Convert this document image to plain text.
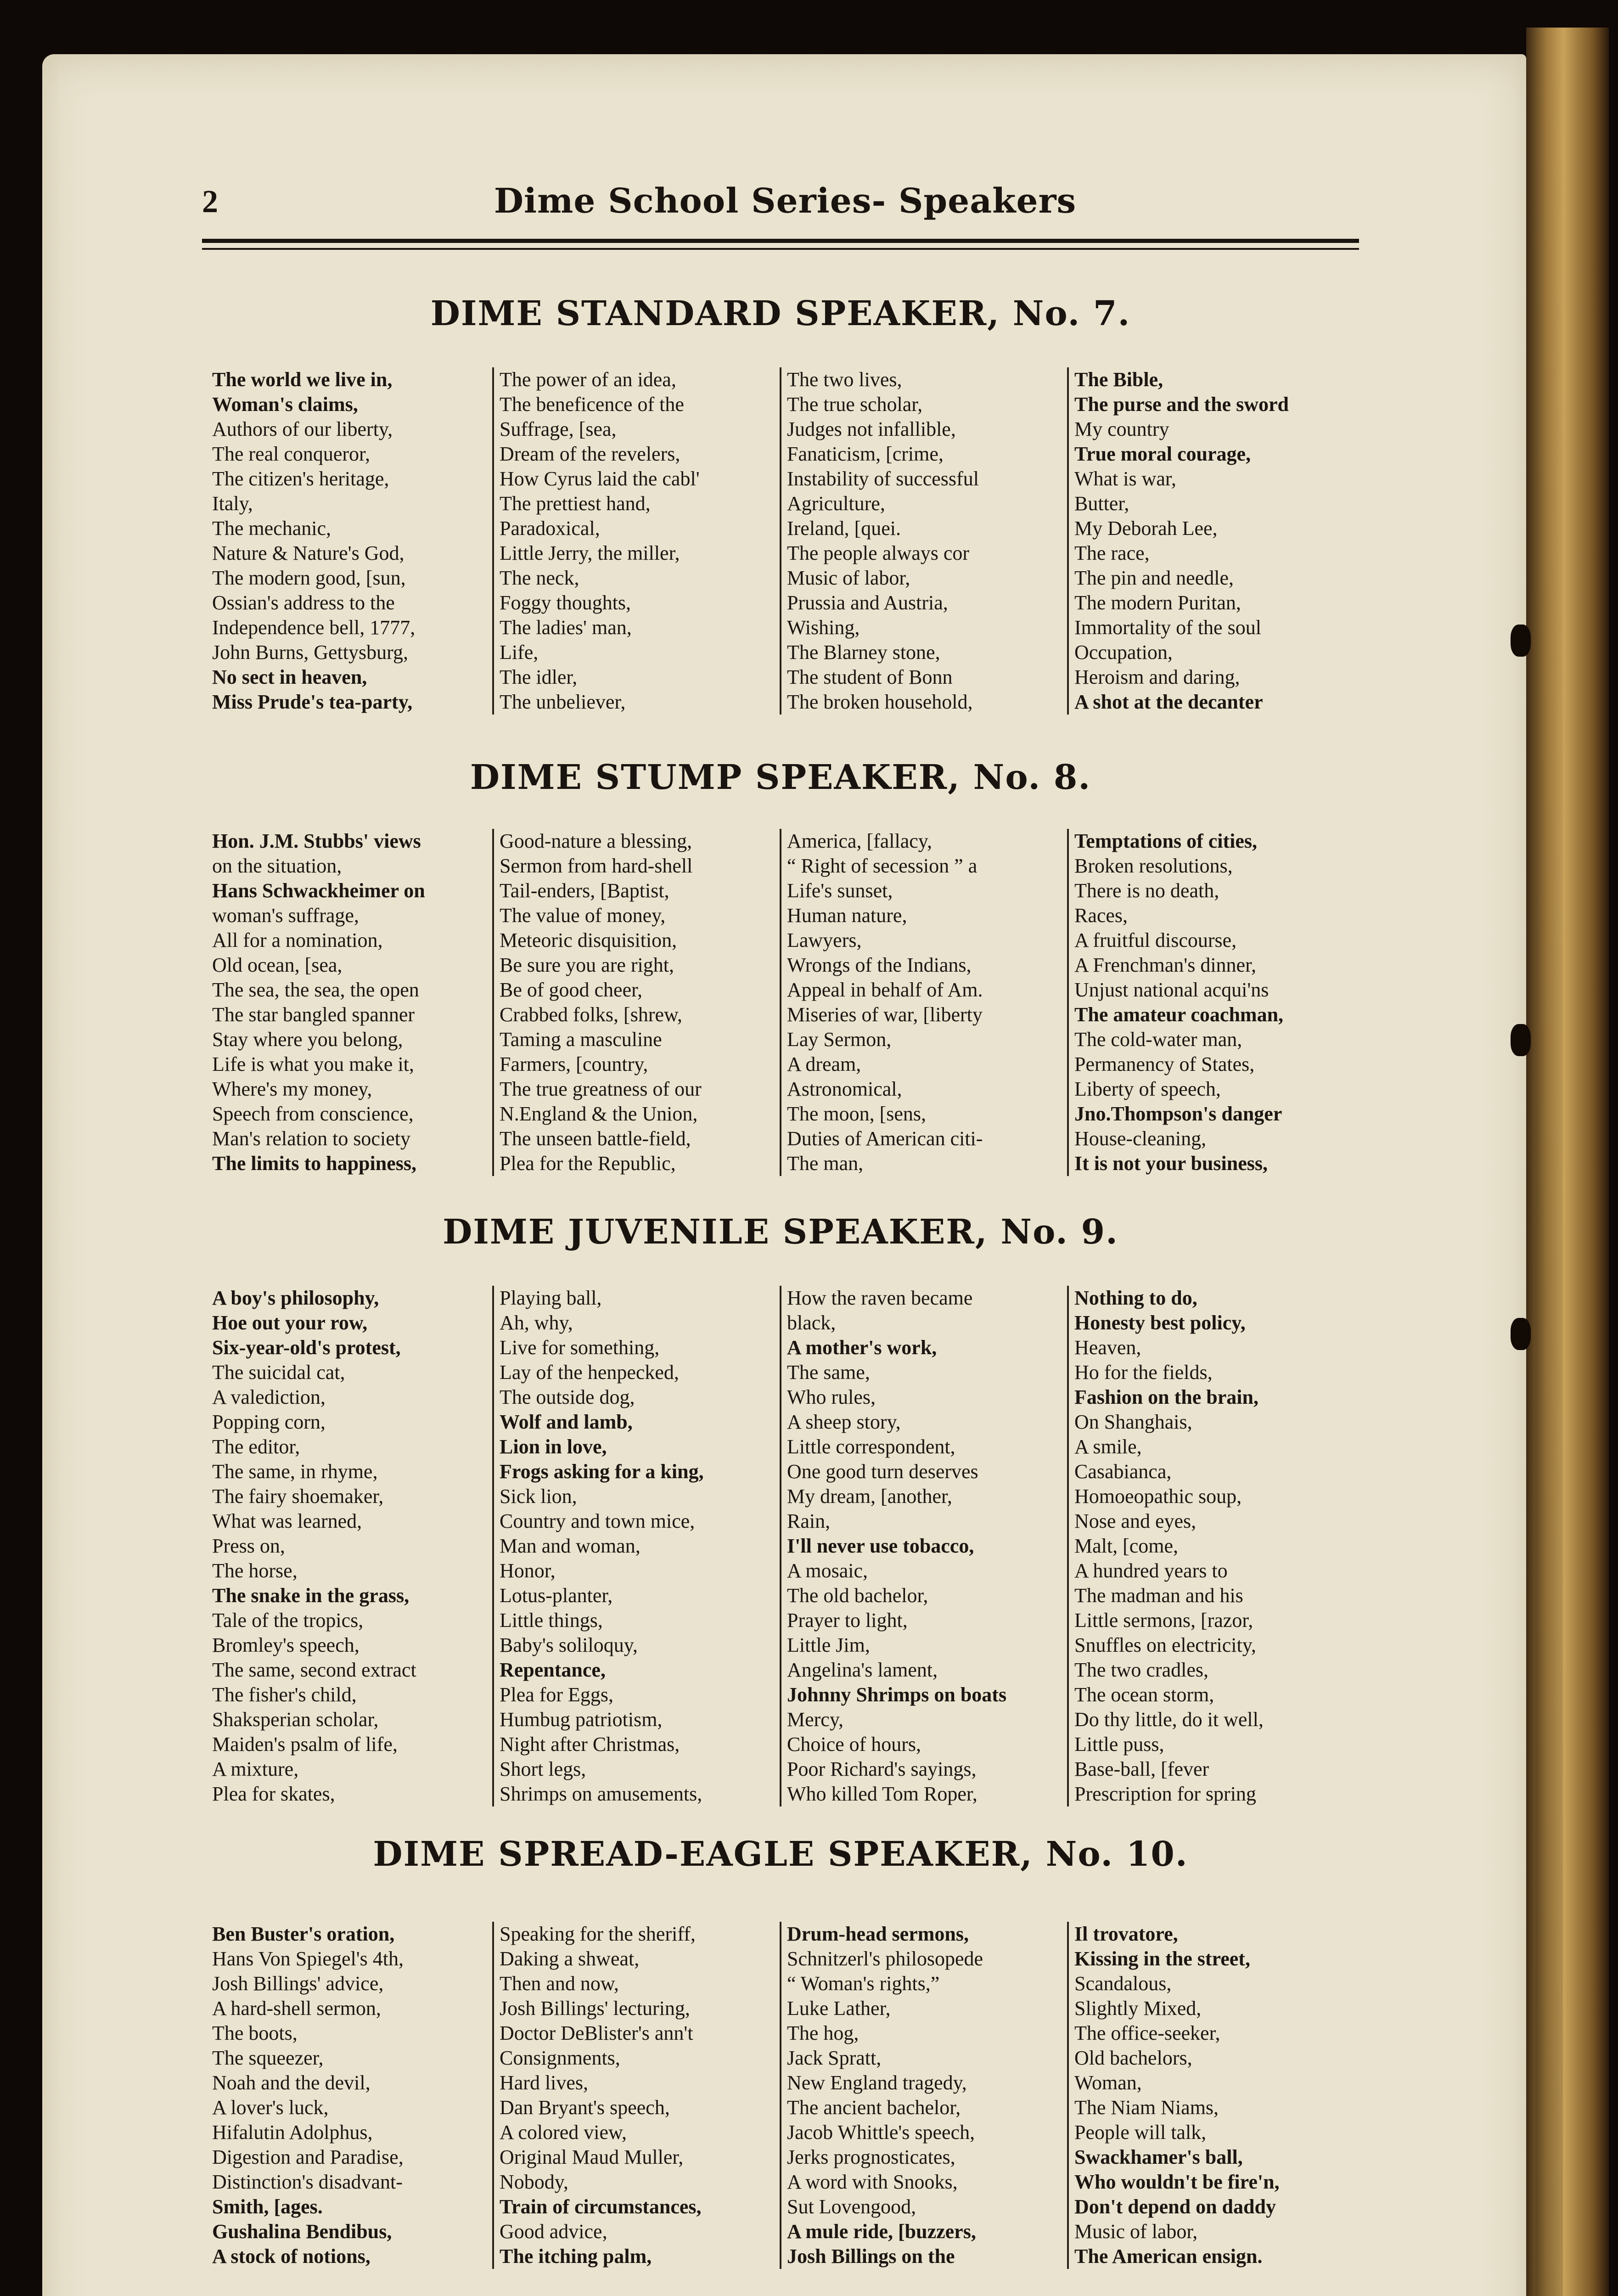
2	Dime School Series- Speakers
DIME STANDARD SPEAKER, No. 7.
The world we live in,
Woman's claims,
Authors of our liberty,
The real conqueror,
The citizen's heritage,
Italy,
The mechanic,
Nature & Nature's God,
The modern good, [sun,
Ossian's address to the
Independence bell, 1777,
John Burns, Gettysburg,
No sect in heaven,
Miss Prude's tea-party,
The power of an idea,
The beneficence of the
Suffrage, [sea,
Dream of the revelers,
How Cyrus laid the cabl'
The prettiest hand,
Paradoxical,
Little Jerry, the miller,
The neck,
Foggy thoughts,
The ladies' man,
Life,
The idler,
The unbeliever,
The two lives,
The true scholar,
Judges not infallible,
Fanaticism, [crime,
Instability of successful
Agriculture,
Ireland, [quei.
The people always cor
Music of labor,
Prussia and Austria,
Wishing,
The Blarney stone,
The student of Bonn
The broken household,
The Bible,
The purse and the sword
My country
True moral courage,
What is war,
Butter,
My Deborah Lee,
The race,
The pin and needle,
The modern Puritan,
Immortality of the soul
Occupation,
Heroism and daring,
A shot at the decanter
DIME STUMP SPEAKER, No. 8.
Hon. J.M. Stubbs' views
on the situation,
Hans Schwackheimer on
woman's suffrage,
All for a nomination,
Old ocean, [sea,
The sea, the sea, the open
The star bangled spanner
Stay where you belong,
Life is what you make it,
Where's my money,
Speech from conscience,
Man's relation to society
The limits to happiness,
Good-nature a blessing,
Sermon from hard-shell
Tail-enders, [Baptist,
The value of money,
Meteoric disquisition,
Be sure you are right,
Be of good cheer,
Crabbed folks, [shrew,
Taming a masculine
Farmers, [country,
The true greatness of our
N.England & the Union,
The unseen battle-field,
Plea for the Republic,
America, [fallacy,
“ Right of secession ” a
Life's sunset,
Human nature,
Lawyers,
Wrongs of the Indians,
Appeal in behalf of Am.
Miseries of war, [liberty
Lay Sermon,
A dream,
Astronomical,
The moon, [sens,
Duties of American citi-
The man,
Temptations of cities,
Broken resolutions,
There is no death,
Races,
A fruitful discourse,
A Frenchman's dinner,
Unjust national acqui'ns
The amateur coachman,
The cold-water man,
Permanency of States,
Liberty of speech,
Jno.Thompson's danger
House-cleaning,
It is not your business,
DIME JUVENILE SPEAKER, No. 9.
A boy's philosophy,
Hoe out your row,
Six-year-old's protest,
The suicidal cat,
A valediction,
Popping corn,
The editor,
The same, in rhyme,
The fairy shoemaker,
What was learned,
Press on,
The horse,
The snake in the grass,
Tale of the tropics,
Bromley's speech,
The same, second extract
The fisher's child,
Shaksperian scholar,
Maiden's psalm of life,
A mixture,
Plea for skates,
Playing ball,
Ah, why,
Live for something,
Lay of the henpecked,
The outside dog,
Wolf and lamb,
Lion in love,
Frogs asking for a king,
Sick lion,
Country and town mice,
Man and woman,
Honor,
Lotus-planter,
Little things,
Baby's soliloquy,
Repentance,
Plea for Eggs,
Humbug patriotism,
Night after Christmas,
Short legs,
Shrimps on amusements,
How the raven became
black,
A mother's work,
The same,
Who rules,
A sheep story,
Little correspondent,
One good turn deserves
My dream, [another,
Rain,
I'll never use tobacco,
A mosaic,
The old bachelor,
Prayer to light,
Little Jim,
Angelina's lament,
Johnny Shrimps on boats
Mercy,
Choice of hours,
Poor Richard's sayings,
Who killed Tom Roper,
Nothing to do,
Honesty best policy,
Heaven,
Ho for the fields,
Fashion on the brain,
On Shanghais,
A smile,
Casabianca,
Homoeopathic soup,
Nose and eyes,
Malt, [come,
A hundred years to
The madman and his
Little sermons, [razor,
Snuffles on electricity,
The two cradles,
The ocean storm,
Do thy little, do it well,
Little puss,
Base-ball, [fever
Prescription for spring
DIME SPREAD-EAGLE SPEAKER, No. 10.
Ben Buster's oration,
Hans Von Spiegel's 4th,
Josh Billings' advice,
A hard-shell sermon,
The boots,
The squeezer,
Noah and the devil,
A lover's luck,
Hifalutin Adolphus,
Digestion and Paradise,
Distinction's disadvant-
Smith, [ages.
Gushalina Bendibus,
A stock of notions,
Speaking for the sheriff,
Daking a shweat,
Then and now,
Josh Billings' lecturing,
Doctor DeBlister's ann't
Consignments,
Hard lives,
Dan Bryant's speech,
A colored view,
Original Maud Muller,
Nobody,
Train of circumstances,
Good advice,
The itching palm,
Drum-head sermons,
Schnitzerl's philosopede
“ Woman's rights,”
Luke Lather,
The hog,
Jack Spratt,
New England tragedy,
The ancient bachelor,
Jacob Whittle's speech,
Jerks prognosticates,
A word with Snooks,
Sut Lovengood,
A mule ride, [buzzers,
Josh Billings on the
Il trovatore,
Kissing in the street,
Scandalous,
Slightly Mixed,
The office-seeker,
Old bachelors,
Woman,
The Niam Niams,
People will talk,
Swackhamer's ball,
Who wouldn't be fire'n,
Don't depend on daddy
Music of labor,
The American ensign.
